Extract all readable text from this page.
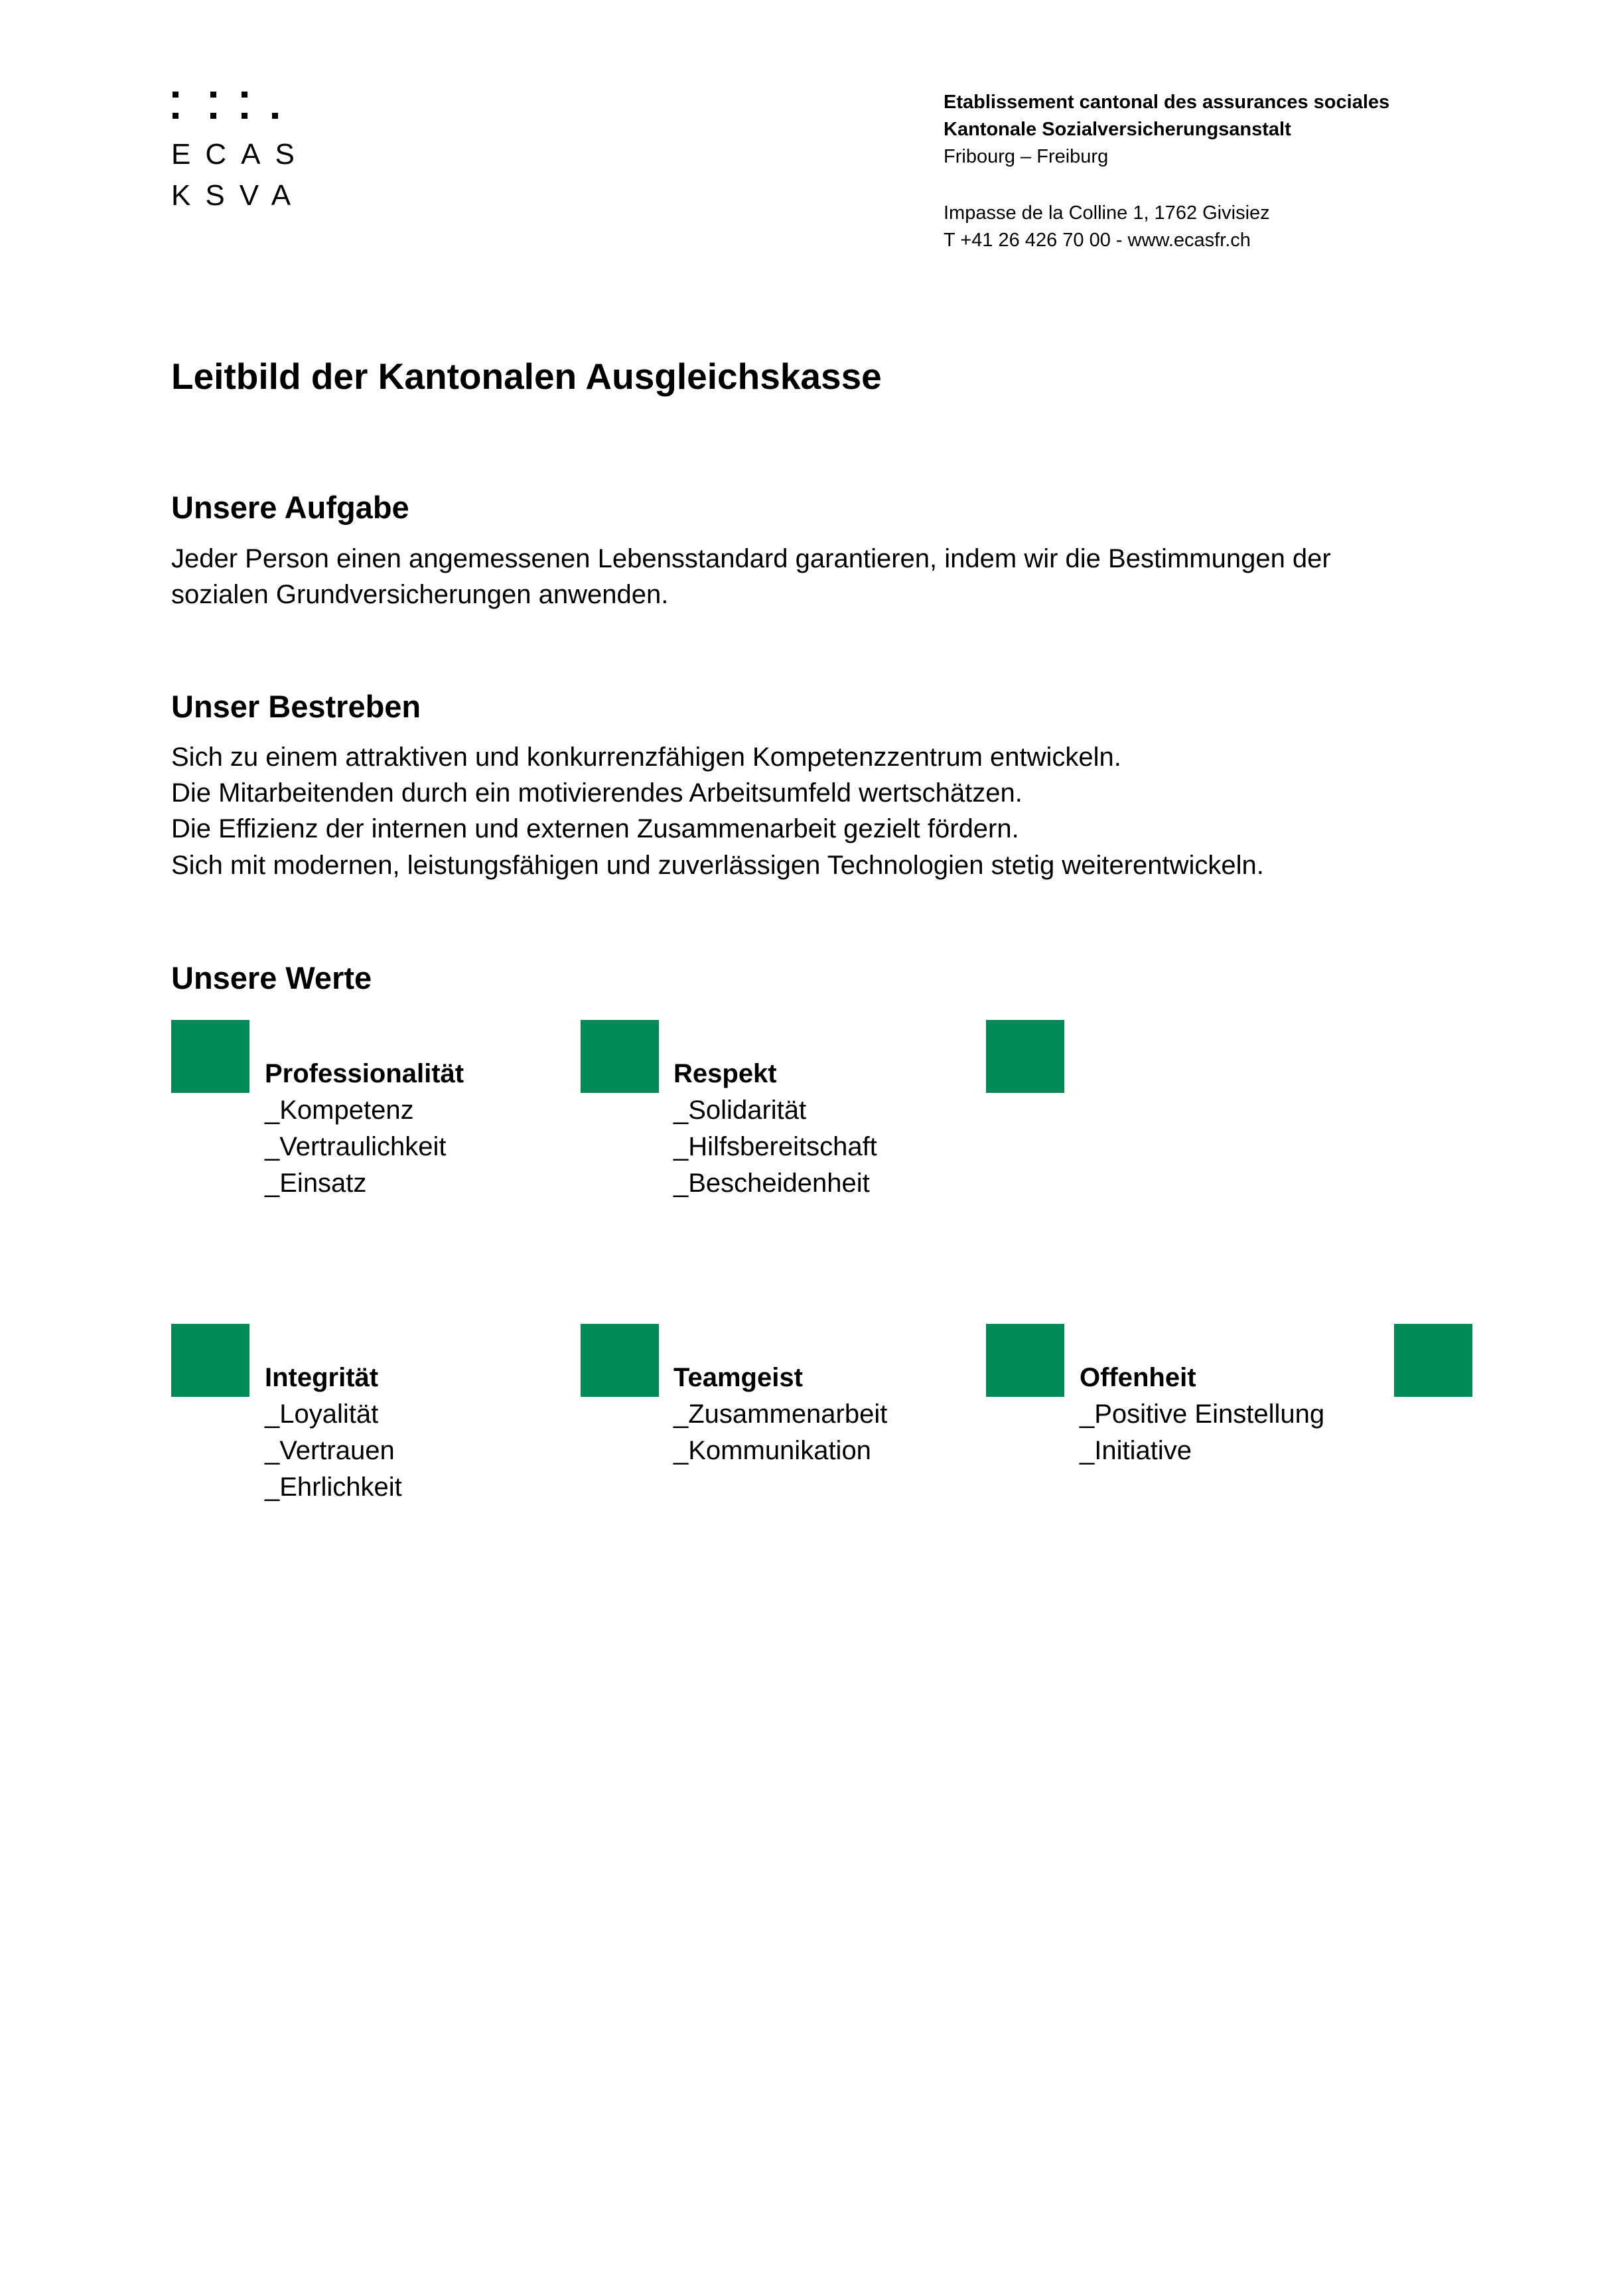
ECAS
KSVA
Etablissement cantonal des assurances sociales
Kantonale Sozialversicherungsanstalt
Fribourg – Freiburg
Impasse de la Colline 1, 1762 Givisiez
T +41 26 426 70 00 - www.ecasfr.ch
Leitbild der Kantonalen Ausgleichskasse
Unsere Aufgabe
Jeder Person einen angemessenen Lebensstandard garantieren, indem wir die Bestimmungen der
sozialen Grundversicherungen anwenden.
Unser Bestreben
Sich zu einem attraktiven und konkurrenzfähigen Kompetenzzentrum entwickeln.
Die Mitarbeitenden durch ein motivierendes Arbeitsumfeld wertschätzen.
Die Effizienz der internen und externen Zusammenarbeit gezielt fördern.
Sich mit modernen, leistungsfähigen und zuverlässigen Technologien stetig weiterentwickeln.
Unsere Werte
Professionalität
_Kompetenz
_Vertraulichkeit
_Einsatz
Respekt
_Solidarität
_Hilfsbereitschaft
_Bescheidenheit
Integrität
_Loyalität
_Vertrauen
_Ehrlichkeit
Teamgeist
_Zusammenarbeit
_Kommunikation
Offenheit
_Positive Einstellung
_Initiative
